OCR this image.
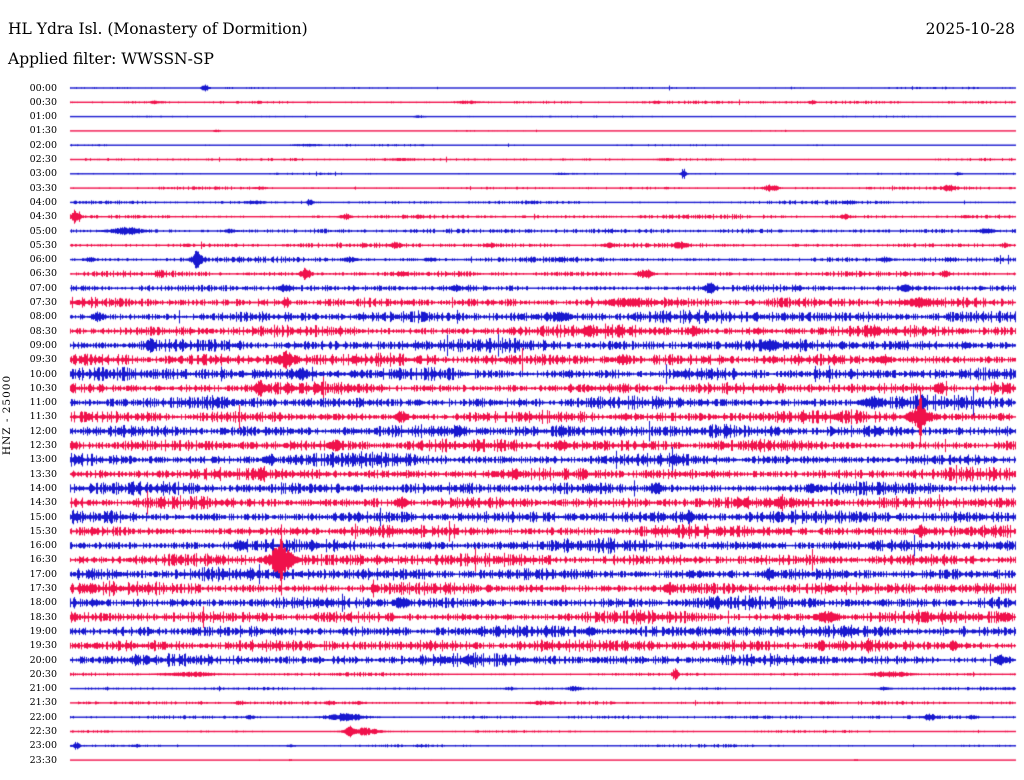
HL Ydra Isl. (Monastery of Dormition)	2025-10-28
Applied filter: WWSSN-SP
HNZ - 25000
00:00
00:30
01:00
01:30
02:00
02:30
03:00
03:30
04:00
04:30
05:00
05:30
06:00
06:30
07:00
07:30
08:00
08:30
09:00
09:30
10:00
10:30
11:00
11:30
12:00
12:30
13:00
13:30
14:00
14:30
15:00
15:30
16:00
16:30
17:00
17:30
18:00
18:30
19:00
19:30
20:00
20:30
21:00
21:30
22:00
22:30
23:00
23:30
